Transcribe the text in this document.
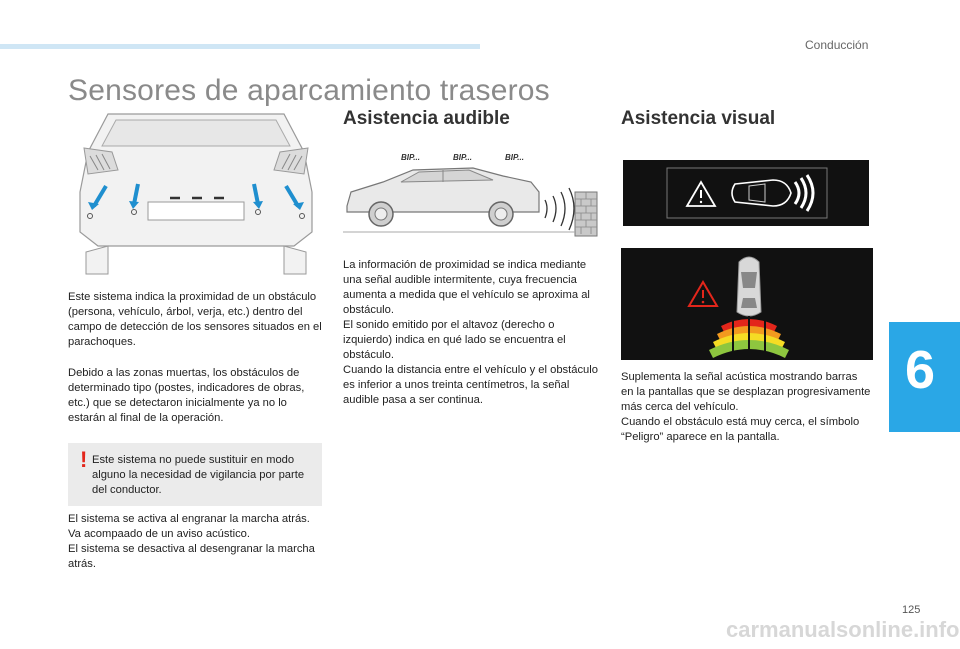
Conducción
Sensores de aparcamiento traseros

Este sistema indica la proximidad de un obstáculo (persona, vehículo, árbol, verja, etc.) dentro del campo de detección de los sensores situados en el parachoques.

Debido a las zonas muertas, los obstáculos de determinado tipo (postes, indicadores de obras, etc.) que se detectaron inicialmente ya no lo estarán al final de la operación.

! Este sistema no puede sustituir en modo alguno la necesidad de vigilancia por parte del conductor.

El sistema se activa al engranar la marcha atrás. Va acompaado de un aviso acústico.
El sistema se desactiva al desengranar la marcha atrás.

Asistencia audible
BIP...	BIP...	BIP...

La información de proximidad se indica mediante una señal audible intermitente, cuya frecuencia aumenta a medida que el vehículo se aproxima al obstáculo.
El sonido emitido por el altavoz (derecho o izquierdo) indica en qué lado se encuentra el obstáculo.
Cuando la distancia entre el vehículo y el obstáculo es inferior a unos treinta centímetros, la señal audible pasa a ser continua.

Asistencia visual

Suplementa la señal acústica mostrando barras en la pantallas que se desplazan progresivamente más cerca del vehículo.
Cuando el obstáculo está muy cerca, el símbolo “Peligro” aparece en la pantalla.

6
125
carmanualsonline.info
